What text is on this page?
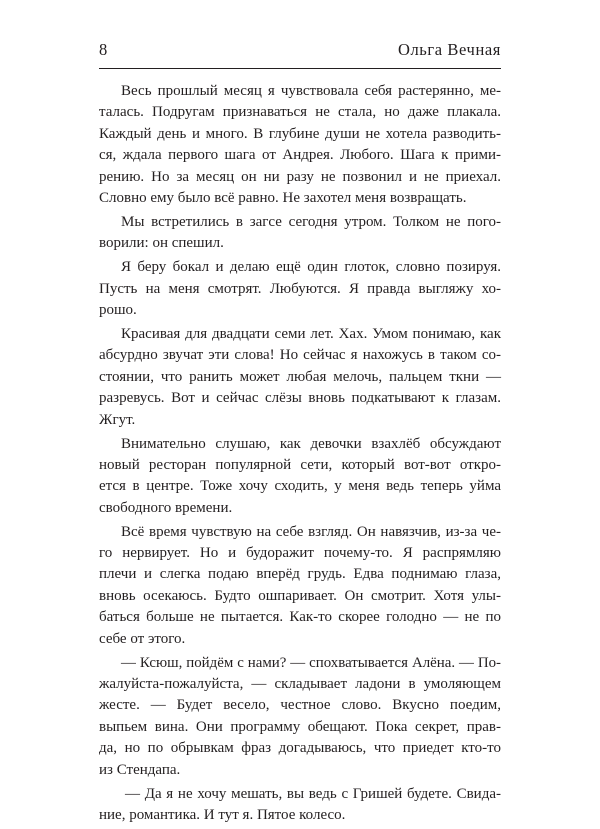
8	Ольга Вечная

Весь прошлый месяц я чувствовала себя растерянно, ме-
талась. Подругам признаваться не стала, но даже плакала.
Каждый день и много. В глубине души не хотела разводить-
ся, ждала первого шага от Андрея. Любого. Шага к прими-
рению. Но за месяц он ни разу не позвонил и не приехал.
Словно ему было всё равно. Не захотел меня возвращать.

Мы встретились в загсе сегодня утром. Толком не пого-
ворили: он спешил.

Я беру бокал и делаю ещё один глоток, словно позируя.
Пусть на меня смотрят. Любуются. Я правда выгляжу хо-
рошо.

Красивая для двадцати семи лет. Хах. Умом понимаю, как
абсурдно звучат эти слова! Но сейчас я нахожусь в таком со-
стоянии, что ранить может любая мелочь, пальцем ткни —
разревусь. Вот и сейчас слёзы вновь подкатывают к глазам.
Жгут.

Внимательно слушаю, как девочки взахлёб обсуждают
новый ресторан популярной сети, который вот-вот откро-
ется в центре. Тоже хочу сходить, у меня ведь теперь уйма
свободного времени.

Всё время чувствую на себе взгляд. Он навязчив, из-за че-
го нервирует. Но и будоражит почему-то. Я распрямляю
плечи и слегка подаю вперёд грудь. Едва поднимаю глаза,
вновь осекаюсь. Будто ошпаривает. Он смотрит. Хотя улы-
баться больше не пытается. Как-то скорее голодно — не по
себе от этого.

— Ксюш, пойдём с нами? — спохватывается Алёна. — По-
жалуйста-пожалуйста, — складывает ладони в умоляющем
жесте. — Будет весело, честное слово. Вкусно поедим,
выпьем вина. Они программу обещают. Пока секрет, прав-
да, но по обрывкам фраз догадываюсь, что приедет кто-то
из Стендапа.

— Да я не хочу мешать, вы ведь с Гришей будете. Свида-
ние, романтика. И тут я. Пятое колесо.
